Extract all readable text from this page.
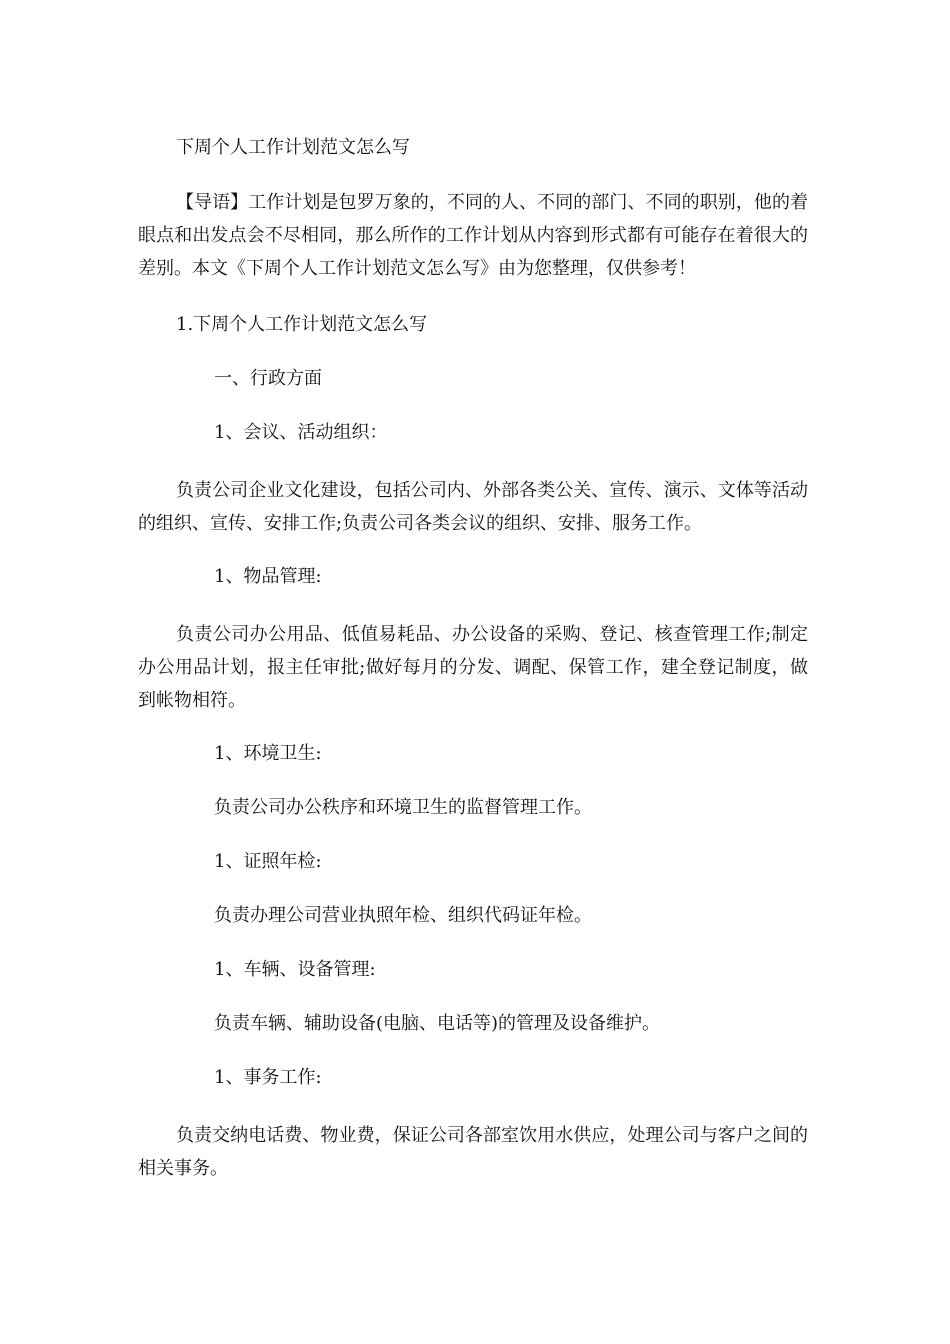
下周个人工作计划范文怎么写

【导语】工作计划是包罗万象的，不同的人、不同的部门、不同的职别，他的着眼点和出发点会不尽相同，那么所作的工作计划从内容到形式都有可能存在着很大的差别。本文《下周个人工作计划范文怎么写》由为您整理，仅供参考！

1.下周个人工作计划范文怎么写

一、行政方面

1、会议、活动组织：

负责公司企业文化建设，包括公司内、外部各类公关、宣传、演示、文体等活动的组织、宣传、安排工作;负责公司各类会议的组织、安排、服务工作。

1、物品管理:

负责公司办公用品、低值易耗品、办公设备的采购、登记、核查管理工作;制定办公用品计划，报主任审批;做好每月的分发、调配、保管工作，建全登记制度，做到帐物相符。

1、环境卫生:

负责公司办公秩序和环境卫生的监督管理工作。

1、证照年检:

负责办理公司营业执照年检、组织代码证年检。

1、车辆、设备管理:

负责车辆、辅助设备(电脑、电话等)的管理及设备维护。

1、事务工作:

负责交纳电话费、物业费，保证公司各部室饮用水供应，处理公司与客户之间的相关事务。
